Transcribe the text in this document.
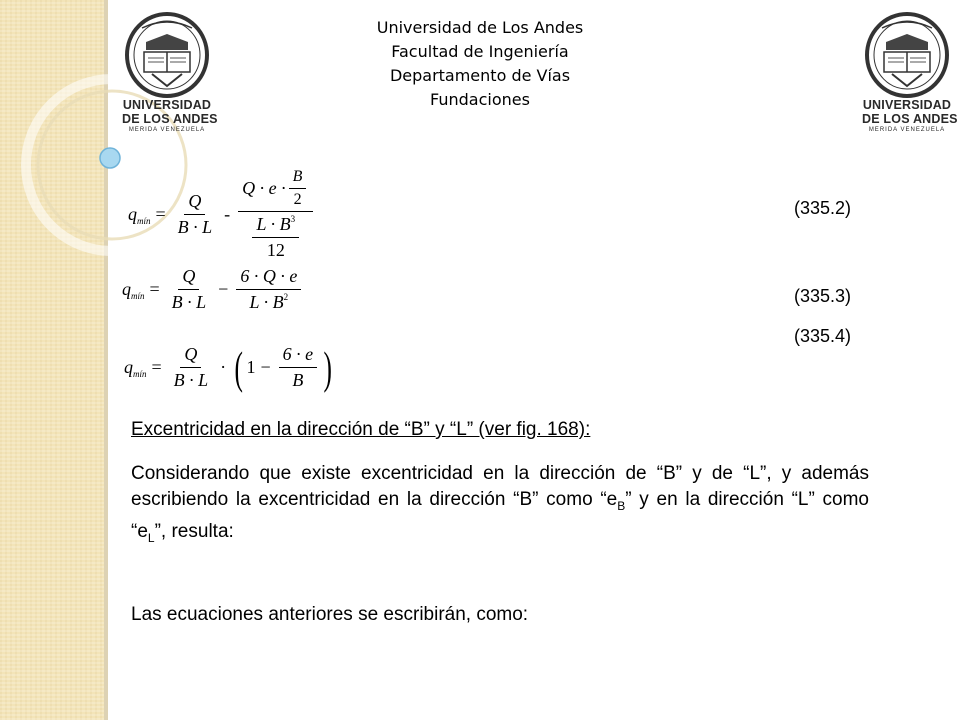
UNIVERSIDAD
DE LOS ANDES
MERIDA VENEZUELA
UNIVERSIDAD
DE LOS ANDES
MERIDA VENEZUELA
Universidad de Los Andes
Facultad de Ingeniería
Departamento de Vías
Fundaciones
$q_{mín} = \frac{Q}{B \cdot L} - Q \cdot e \cdot \frac{B}{2}$
$L \cdot B^3$
12
$q_{mín} = \frac{Q}{B \cdot L} - \frac{6 \cdot Q \cdot e}{L \cdot B^2}$
$q_{mín} = \frac{Q}{B \cdot L}$ · ( $1 - \frac{6 \cdot e}{B}$ )
(335.2)
(335.3)
(335.4)
Excentricidad en la dirección de “B” y “L” (ver fig. 168):
Considerando que existe excentricidad en la dirección de “B” y de “L”, y además escribiendo la excentricidad en la dirección “B” como “$e_B$” y en la dirección “L” como “$e_L$”, resulta:
Las ecuaciones anteriores se escribirán, como:
